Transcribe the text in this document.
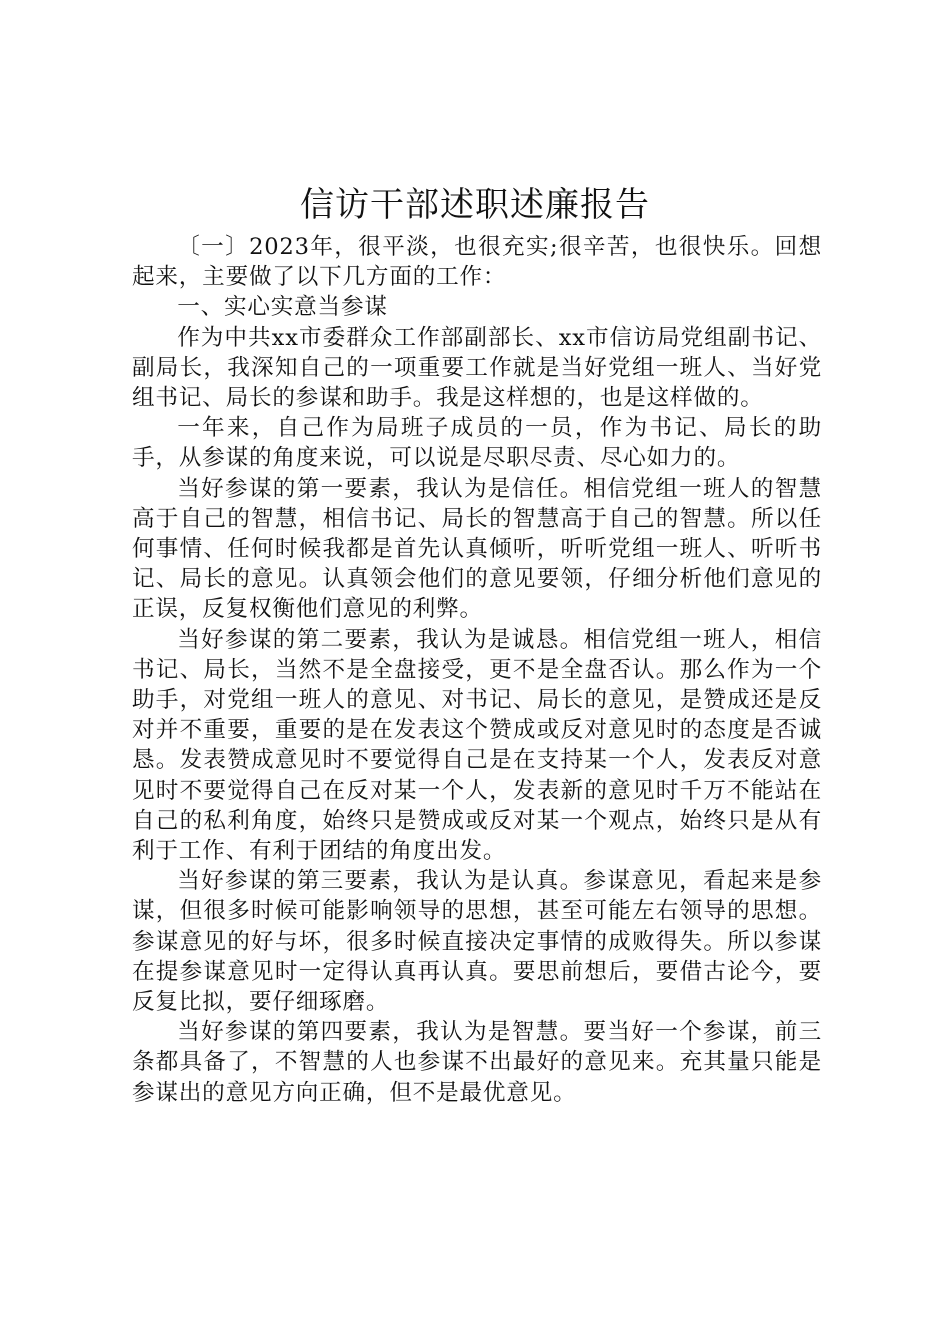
信访干部述职述廉报告

〔一〕2023年，很平淡，也很充实;很辛苦，也很快乐。回想起来，主要做了以下几方面的工作：

一、实心实意当参谋

作为中共xx市委群众工作部副部长、xx市信访局党组副书记、副局长，我深知自己的一项重要工作就是当好党组一班人、当好党组书记、局长的参谋和助手。我是这样想的，也是这样做的。

一年来，自己作为局班子成员的一员，作为书记、局长的助手，从参谋的角度来说，可以说是尽职尽责、尽心如力的。

当好参谋的第一要素，我认为是信任。相信党组一班人的智慧高于自己的智慧，相信书记、局长的智慧高于自己的智慧。所以任何事情、任何时候我都是首先认真倾听，听听党组一班人、听听书记、局长的意见。认真领会他们的意见要领，仔细分析他们意见的正误，反复权衡他们意见的利弊。

当好参谋的第二要素，我认为是诚恳。相信党组一班人，相信书记、局长，当然不是全盘接受，更不是全盘否认。那么作为一个助手，对党组一班人的意见、对书记、局长的意见，是赞成还是反对并不重要，重要的是在发表这个赞成或反对意见时的态度是否诚恳。发表赞成意见时不要觉得自己是在支持某一个人，发表反对意见时不要觉得自己在反对某一个人，发表新的意见时千万不能站在自己的私利角度，始终只是赞成或反对某一个观点，始终只是从有利于工作、有利于团结的角度出发。

当好参谋的第三要素，我认为是认真。参谋意见，看起来是参谋，但很多时候可能影响领导的思想，甚至可能左右领导的思想。参谋意见的好与坏，很多时候直接决定事情的成败得失。所以参谋在提参谋意见时一定得认真再认真。要思前想后，要借古论今，要反复比拟，要仔细琢磨。

当好参谋的第四要素，我认为是智慧。要当好一个参谋，前三条都具备了，不智慧的人也参谋不出最好的意见来。充其量只能是参谋出的意见方向正确，但不是最优意见。
